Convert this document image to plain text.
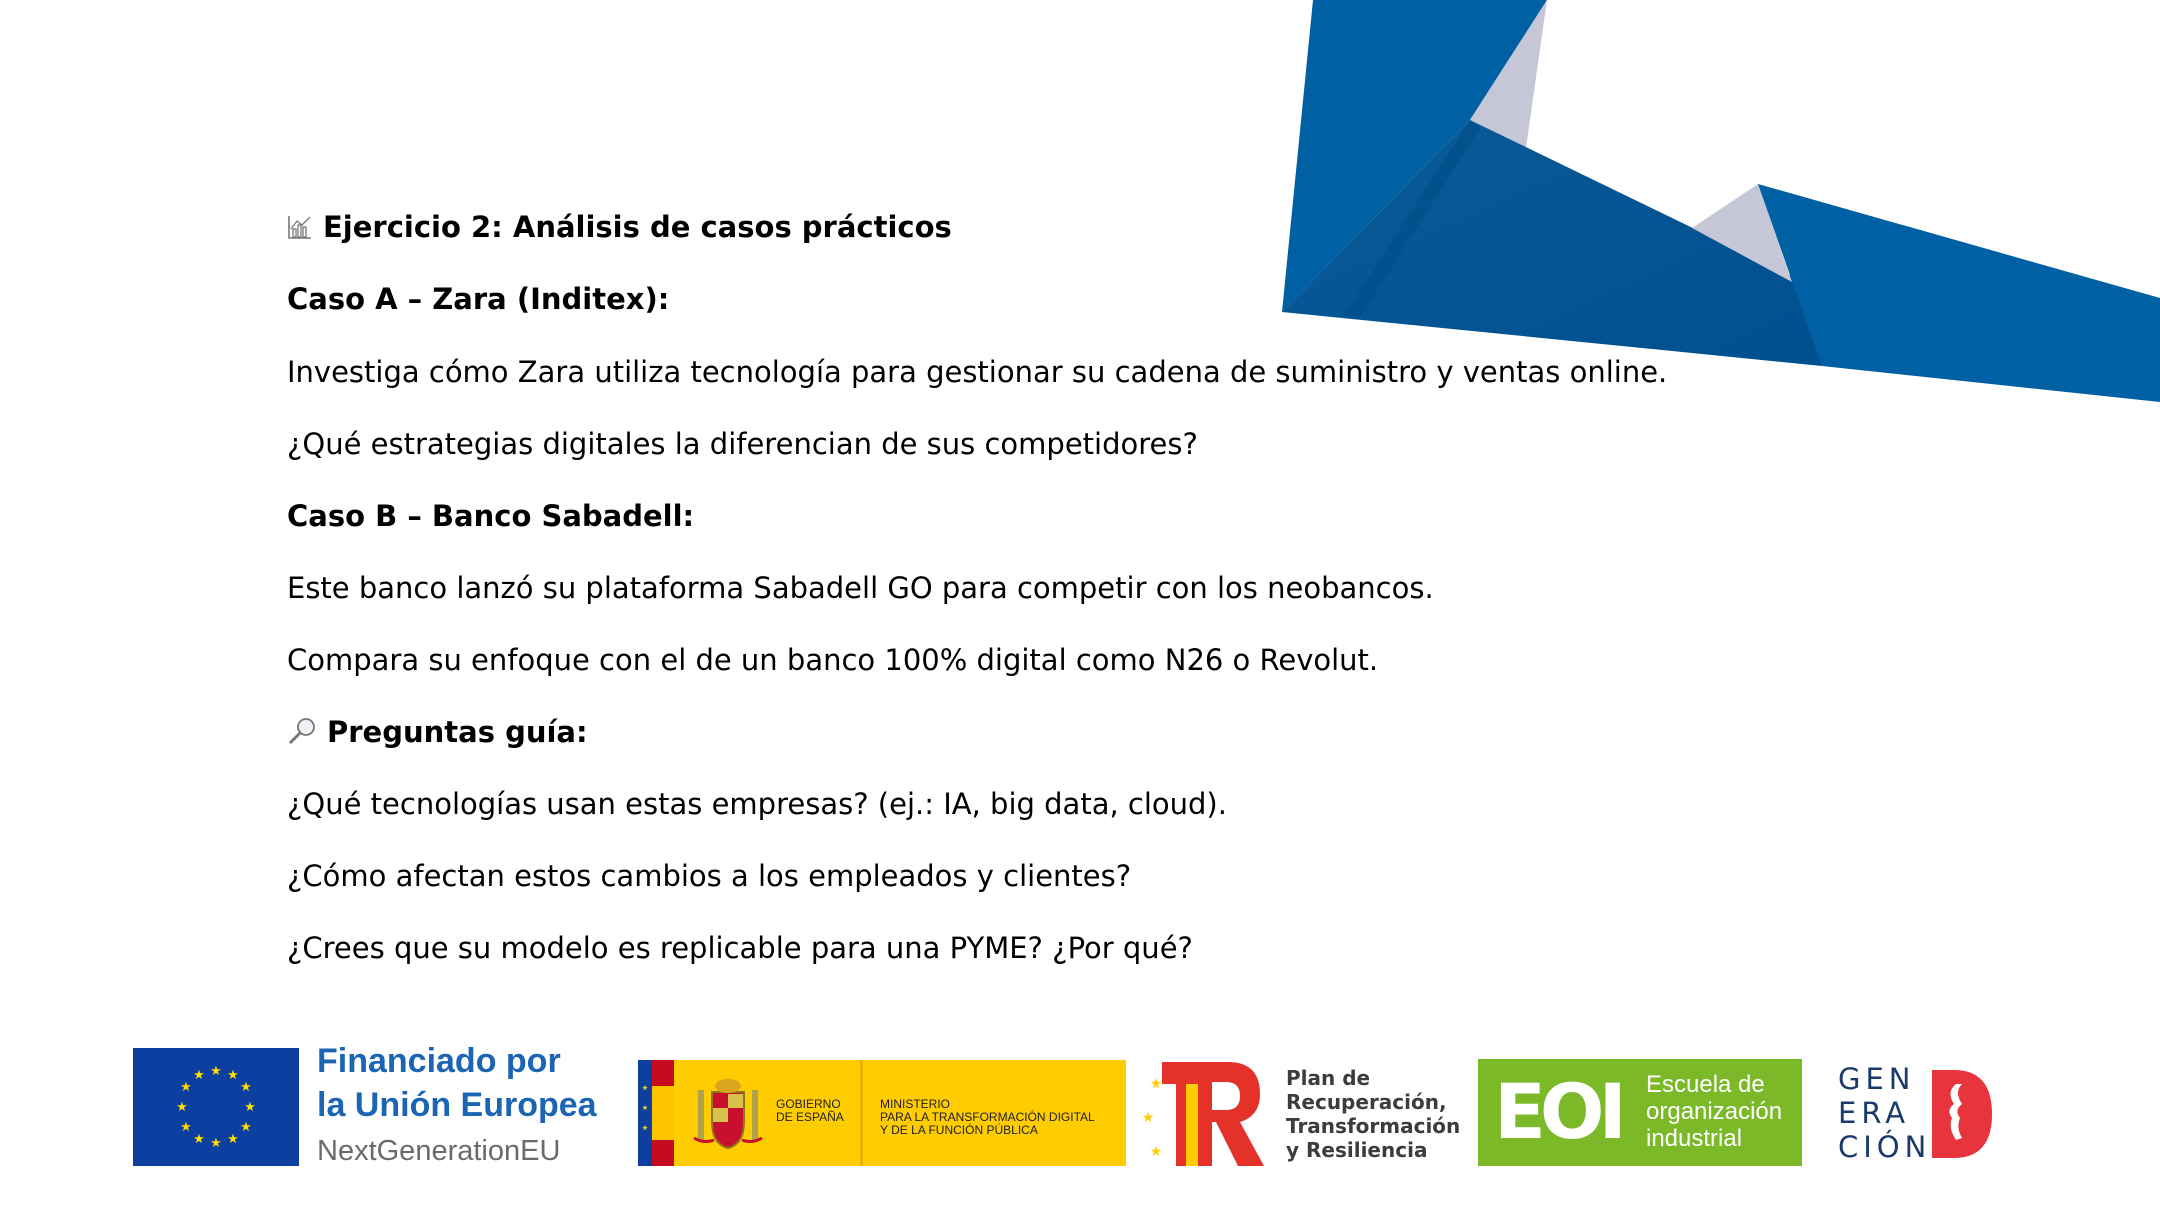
Ejercicio 2: Análisis de casos prácticos
Caso A – Zara (Inditex):
Investiga cómo Zara utiliza tecnología para gestionar su cadena de suministro y ventas online.
¿Qué estrategias digitales la diferencian de sus competidores?
Caso B – Banco Sabadell:
Este banco lanzó su plataforma Sabadell GO para competir con los neobancos.
Compara su enfoque con el de un banco 100% digital como N26 o Revolut.
Preguntas guía:
¿Qué tecnologías usan estas empresas? (ej.: IA, big data, cloud).
¿Cómo afectan estos cambios a los empleados y clientes?
¿Crees que su modelo es replicable para una PYME? ¿Por qué?
★ ★
★
★
★
★
★
★
★
★
★
★	Financiado por
la Unión Europea
NextGenerationEU
★
★
★
GOBIERNO
DE ESPAÑA
MINISTERIO
PARA LA TRANSFORMACIÓN DIGITAL
Y DE LA FUNCIÓN PÚBLICA
★
★
★
Plan de
Recuperación,
Transformación
y Resiliencia EOI Escuela de
organización
industrial
GEN
ERA
CIÓN
